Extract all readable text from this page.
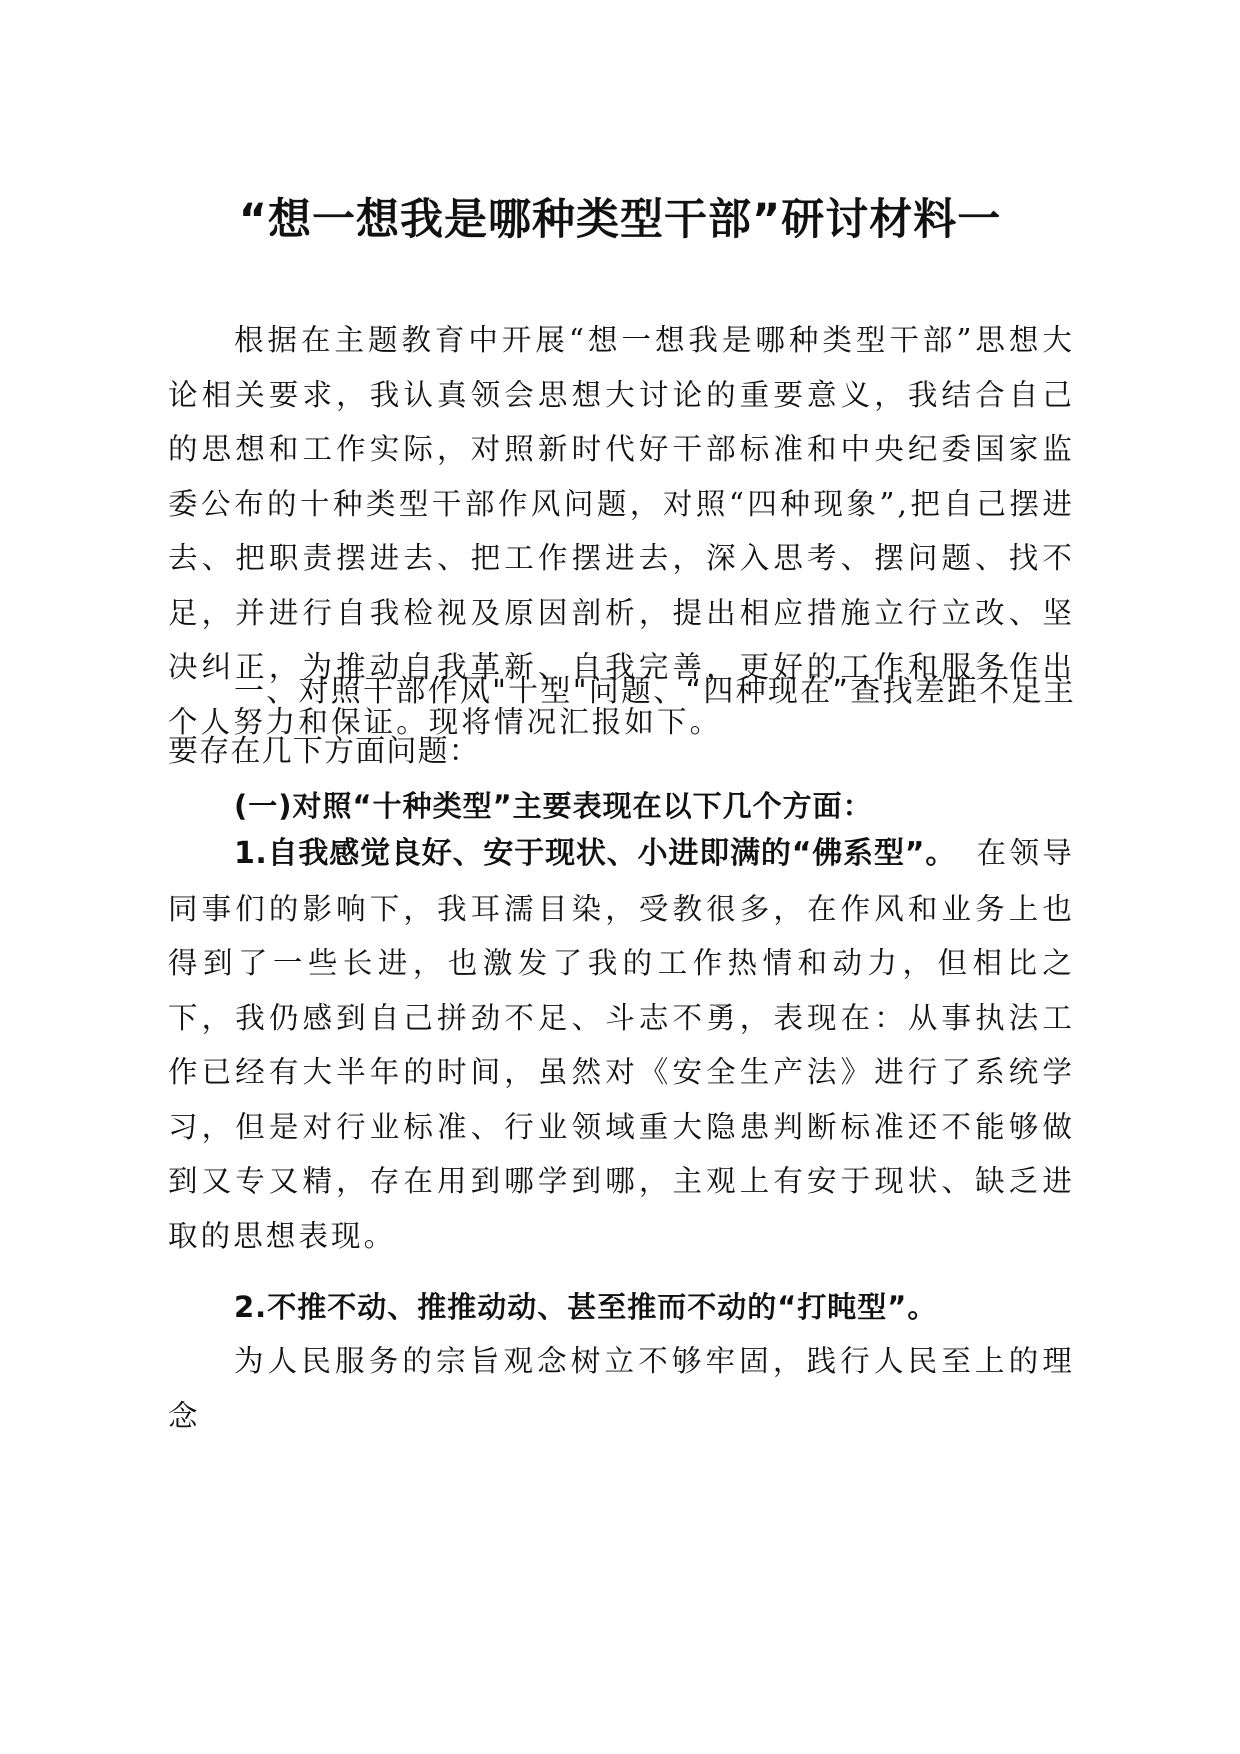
“想一想我是哪种类型干部”研讨材料一

根据在主题教育中开展“想一想我是哪种类型干部”思想大论相关要求，我认真领会思想大讨论的重要意义，我结合自己的思想和工作实际，对照新时代好干部标准和中央纪委国家监委公布的十种类型干部作风问题，对照“四种现象”,把自己摆进去、把职责摆进去、把工作摆进去，深入思考、摆问题、找不足，并进行自我检视及原因剖析，提出相应措施立行立改、坚决纠正，为推动自我革新、自我完善，更好的工作和服务作出个人努力和保证。现将情况汇报如下。

一、对照干部作风"十型"问题、“四种现在”查找差距不足主要存在几下方面问题：

(一)对照“十种类型”主要表现在以下几个方面：

1.自我感觉良好、安于现状、小进即满的“佛系型”。 在领导同事们的影响下，我耳濡目染，受教很多，在作风和业务上也得到了一些长进，也激发了我的工作热情和动力，但相比之下，我仍感到自己拼劲不足、斗志不勇，表现在：从事执法工作已经有大半年的时间，虽然对《安全生产法》进行了系统学习，但是对行业标准、行业领域重大隐患判断标准还不能够做到又专又精，存在用到哪学到哪，主观上有安于现状、缺乏进取的思想表现。

2.不推不动、推推动动、甚至推而不动的“打盹型”。

为人民服务的宗旨观念树立不够牢固，践行人民至上的理念
